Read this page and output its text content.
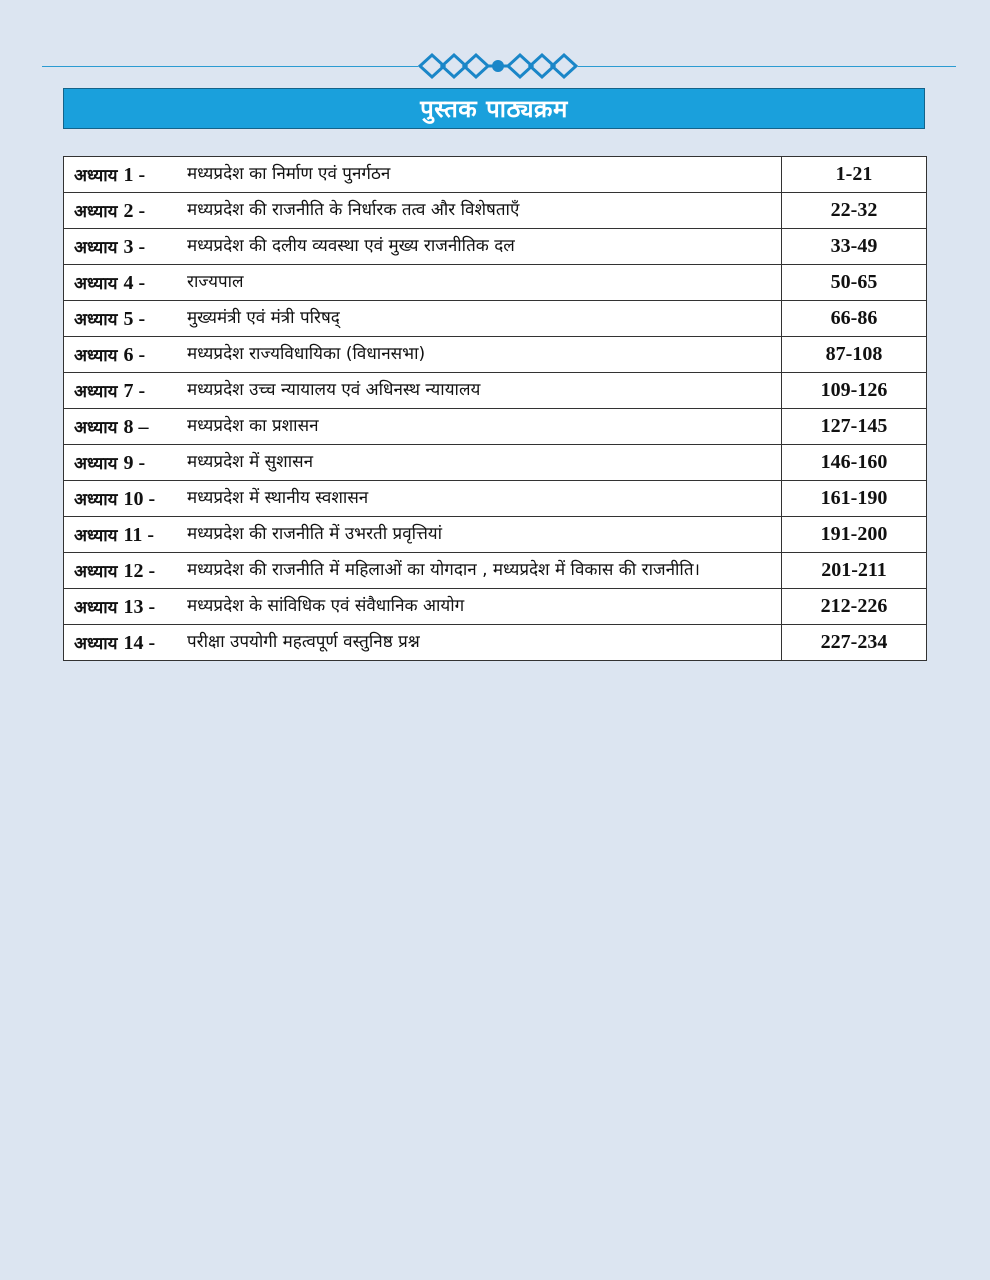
पुस्तक पाठ्यक्रम
अध्याय 1 - मध्यप्रदेश का निर्माण एवं पुनर्गठन	1-21

अध्याय 2 - मध्यप्रदेश की राजनीति के निर्धारक तत्व और विशेषताएँ	22-32

अध्याय 3 - मध्यप्रदेश की दलीय व्यवस्था एवं मुख्य राजनीतिक दल	33-49

अध्याय 4 - राज्यपाल	50-65

अध्याय 5 - मुख्यमंत्री एवं मंत्री परिषद्	66-86

अध्याय 6 - मध्यप्रदेश राज्यविधायिका (विधानसभा)	87-108

अध्याय 7 - मध्यप्रदेश उच्च न्यायालय एवं अधिनस्थ न्यायालय	109-126

अध्याय 8 – मध्यप्रदेश का प्रशासन	127-145

अध्याय 9 - मध्यप्रदेश में सुशासन	146-160

अध्याय 10 - मध्यप्रदेश में स्थानीय स्वशासन	161-190

अध्याय 11 - मध्यप्रदेश की राजनीति में उभरती प्रवृत्तियां	191-200

अध्याय 12 - मध्यप्रदेश की राजनीति में महिलाओं का योगदान , मध्यप्रदेश में विकास की राजनीति।	201-211

अध्याय 13 - मध्यप्रदेश के सांविधिक एवं संवैधानिक आयोग	212-226

अध्याय 14 - परीक्षा उपयोगी महत्वपूर्ण वस्तुनिष्ठ प्रश्न	227-234
